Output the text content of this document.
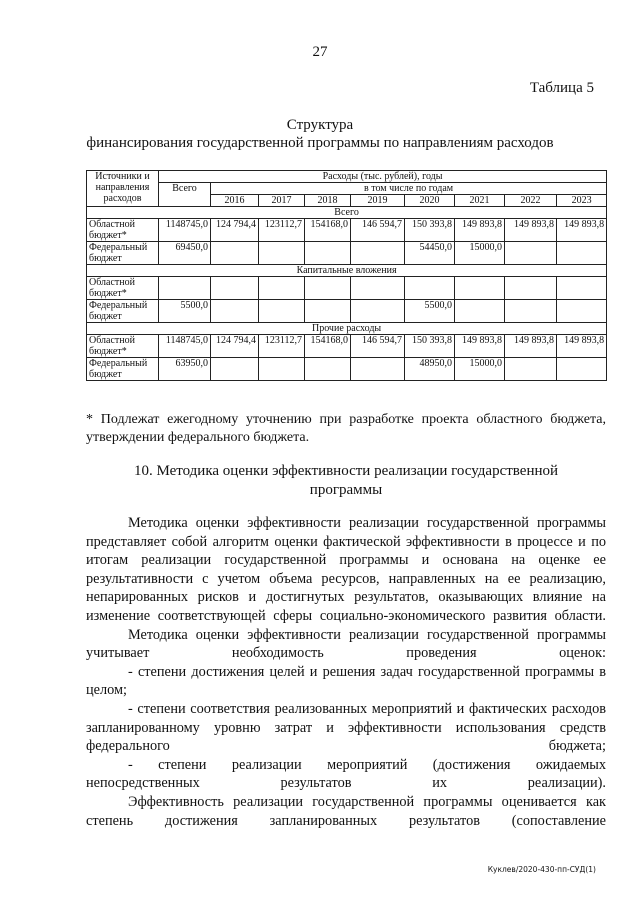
27
Таблица 5
Структура
финансирования государственной программы по направлениям расходов
Источники и направления расходов	Расходы (тыс. рублей), годы								
	Всего	в том числе по годам							
		2016	2017	2018	2019	2020	2021	2022	2023
Всего									
Областной бюджет*	1148745,0	124 794,4	123112,7	154168,0	146 594,7	150 393,8	149 893,8	149 893,8	149 893,8
Федеральный бюджет	69450,0					54450,0	15000,0		
Капитальные вложения									
Областной бюджет*									
Федеральный бюджет	5500,0					5500,0			
Прочие расходы									
Областной бюджет*	1148745,0	124 794,4	123112,7	154168,0	146 594,7	150 393,8	149 893,8	149 893,8	149 893,8
Федеральный бюджет	63950,0					48950,0	15000,0		
* Подлежат ежегодному уточнению при разработке проекта областного бюджета, утверждении федерального бюджета.
10. Методика оценки эффективности реализации государственной
программы

Методика оценки эффективности реализации государственной программы представляет собой алгоритм оценки фактической эффективности в процессе и по итогам реализации государственной программы и основана на оценке ее результативности с учетом объема ресурсов, направленных на ее реализацию, непарированных рисков и достигнутых результатов, оказывающих влияние на изменение соответствующей сферы социально-экономического развития области.

Методика оценки эффективности реализации государственной программы учитывает необходимость проведения оценок:

- степени достижения целей и решения задач государственной программы в целом;

- степени соответствия реализованных мероприятий и фактических расходов запланированному уровню затрат и эффективности использования средств федерального бюджета;

- степени реализации мероприятий (достижения ожидаемых непосредственных результатов их реализации).

Эффективность реализации государственной программы оценивается как степень достижения запланированных результатов (сопоставление

Куклев/2020-430-пп-СУД(1)
